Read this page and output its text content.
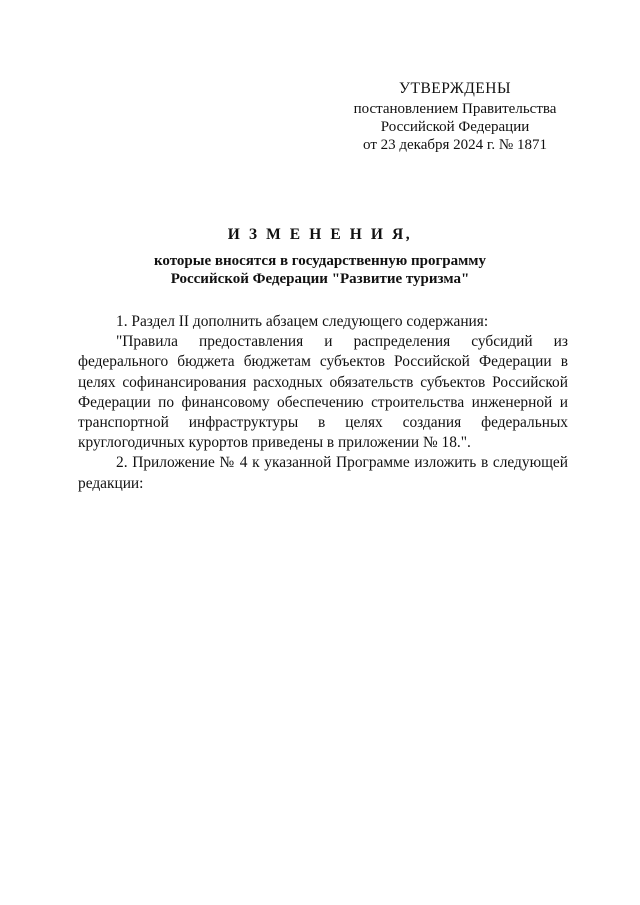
УТВЕРЖДЕНЫ
постановлением Правительства
Российской Федерации
от 23 декабря 2024 г. № 1871
И З М Е Н Е Н И Я,
которые вносятся в государственную программу
Российской Федерации "Развитие туризма"

1. Раздел II дополнить абзацем следующего содержания:

"Правила предоставления и распределения субсидий из федерального бюджета бюджетам субъектов Российской Федерации в целях софинансирования расходных обязательств субъектов Российской Федерации по финансовому обеспечению строительства инженерной и транспортной инфраструктуры в целях создания федеральных круглогодичных курортов приведены в приложении № 18.".

2. Приложение № 4 к указанной Программе изложить в следующей редакции:
